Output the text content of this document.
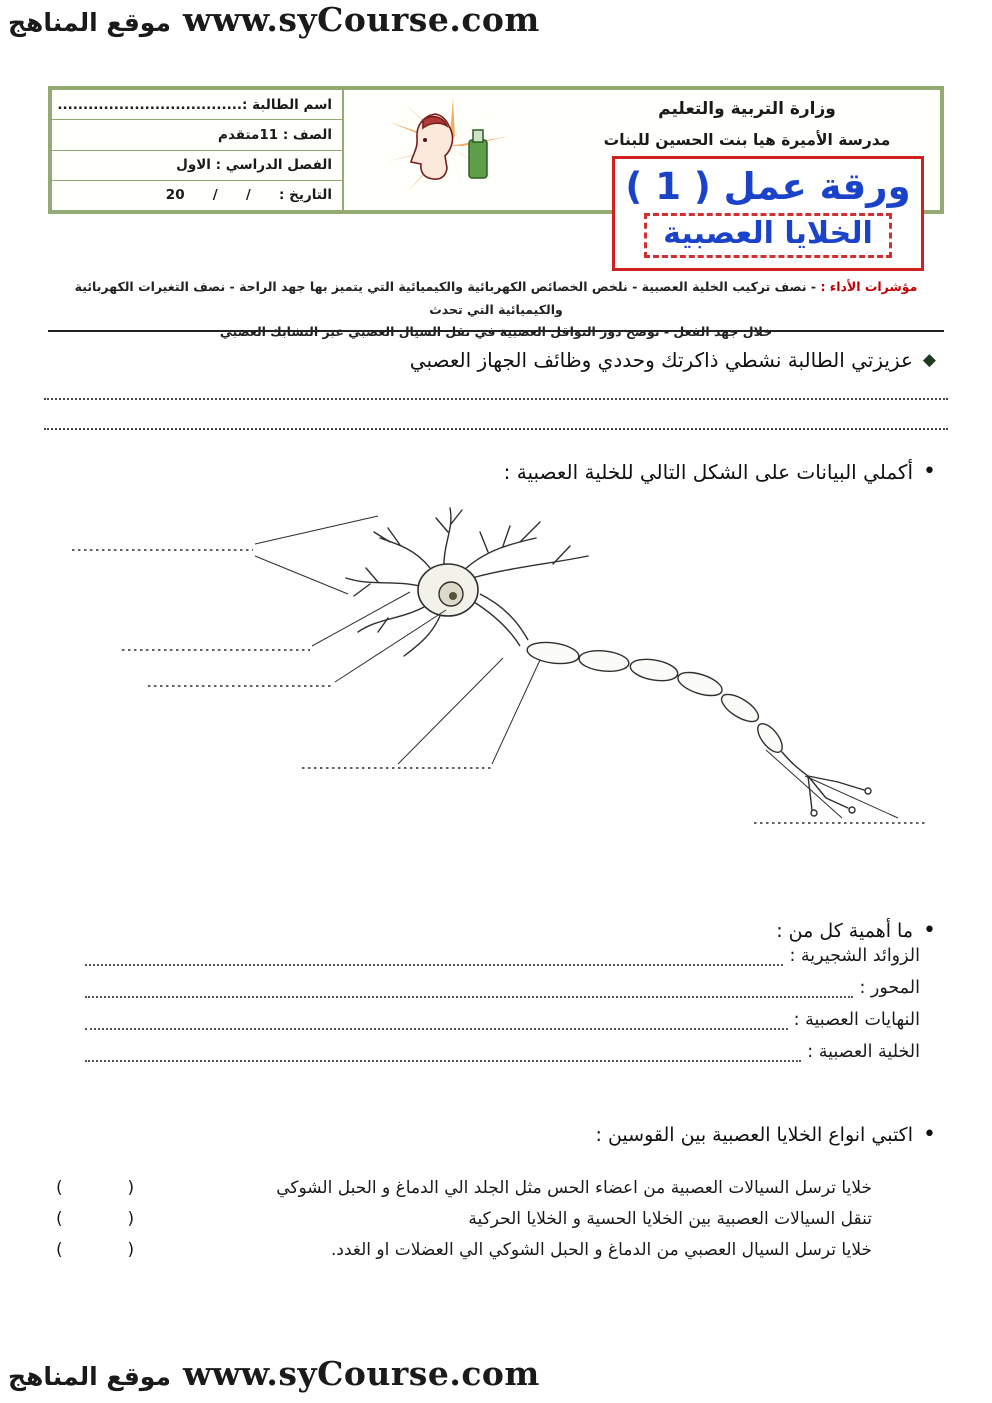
موقع المناهج www.syCourse.com
وزارة التربية والتعليم
مدرسة الأميرة هيا بنت الحسين للبنات
اسم الطالبة :....................................
الصف : 11متقدم
الفصل الدراسي : الاول
التاريخ :      /      /      20	ورقة عمل ( 1 )
الخلايا العصبية
مؤشرات الأداء : - نصف تركيب الخلية العصبية - نلخص الخصائص الكهربائية والكيميائية التي يتميز بها جهد الراحة - نصف التغيرات الكهربائية والكيميائية التي تحدث
خلال جهد الفعل - نوضح دور النواقل العصبية في نقل السيال العصبي عبر التشابك العصبي
◆
عزيزتي الطالبة نشطي ذاكرتك وحددي وظائف الجهاز العصبي
•
أكملي البيانات على الشكل التالي للخلية العصبية :
•
ما أهمية كل من :
الزوائد الشجيرية :
المحور :
النهايات العصبية :
الخلية العصبية :
•
اكتبي انواع الخلايا العصبية بين القوسين :
خلايا ترسل السيالات العصبية من اعضاء الحس مثل الجلد الي الدماغ و الحبل الشوكي
(            )
تنقل السيالات العصبية بين الخلايا الحسية و الخلايا الحركية
(            )
خلايا ترسل السيال العصبي من الدماغ و الحبل الشوكي الي العضلات او الغدد.
(            )
موقع المناهج www.syCourse.com
